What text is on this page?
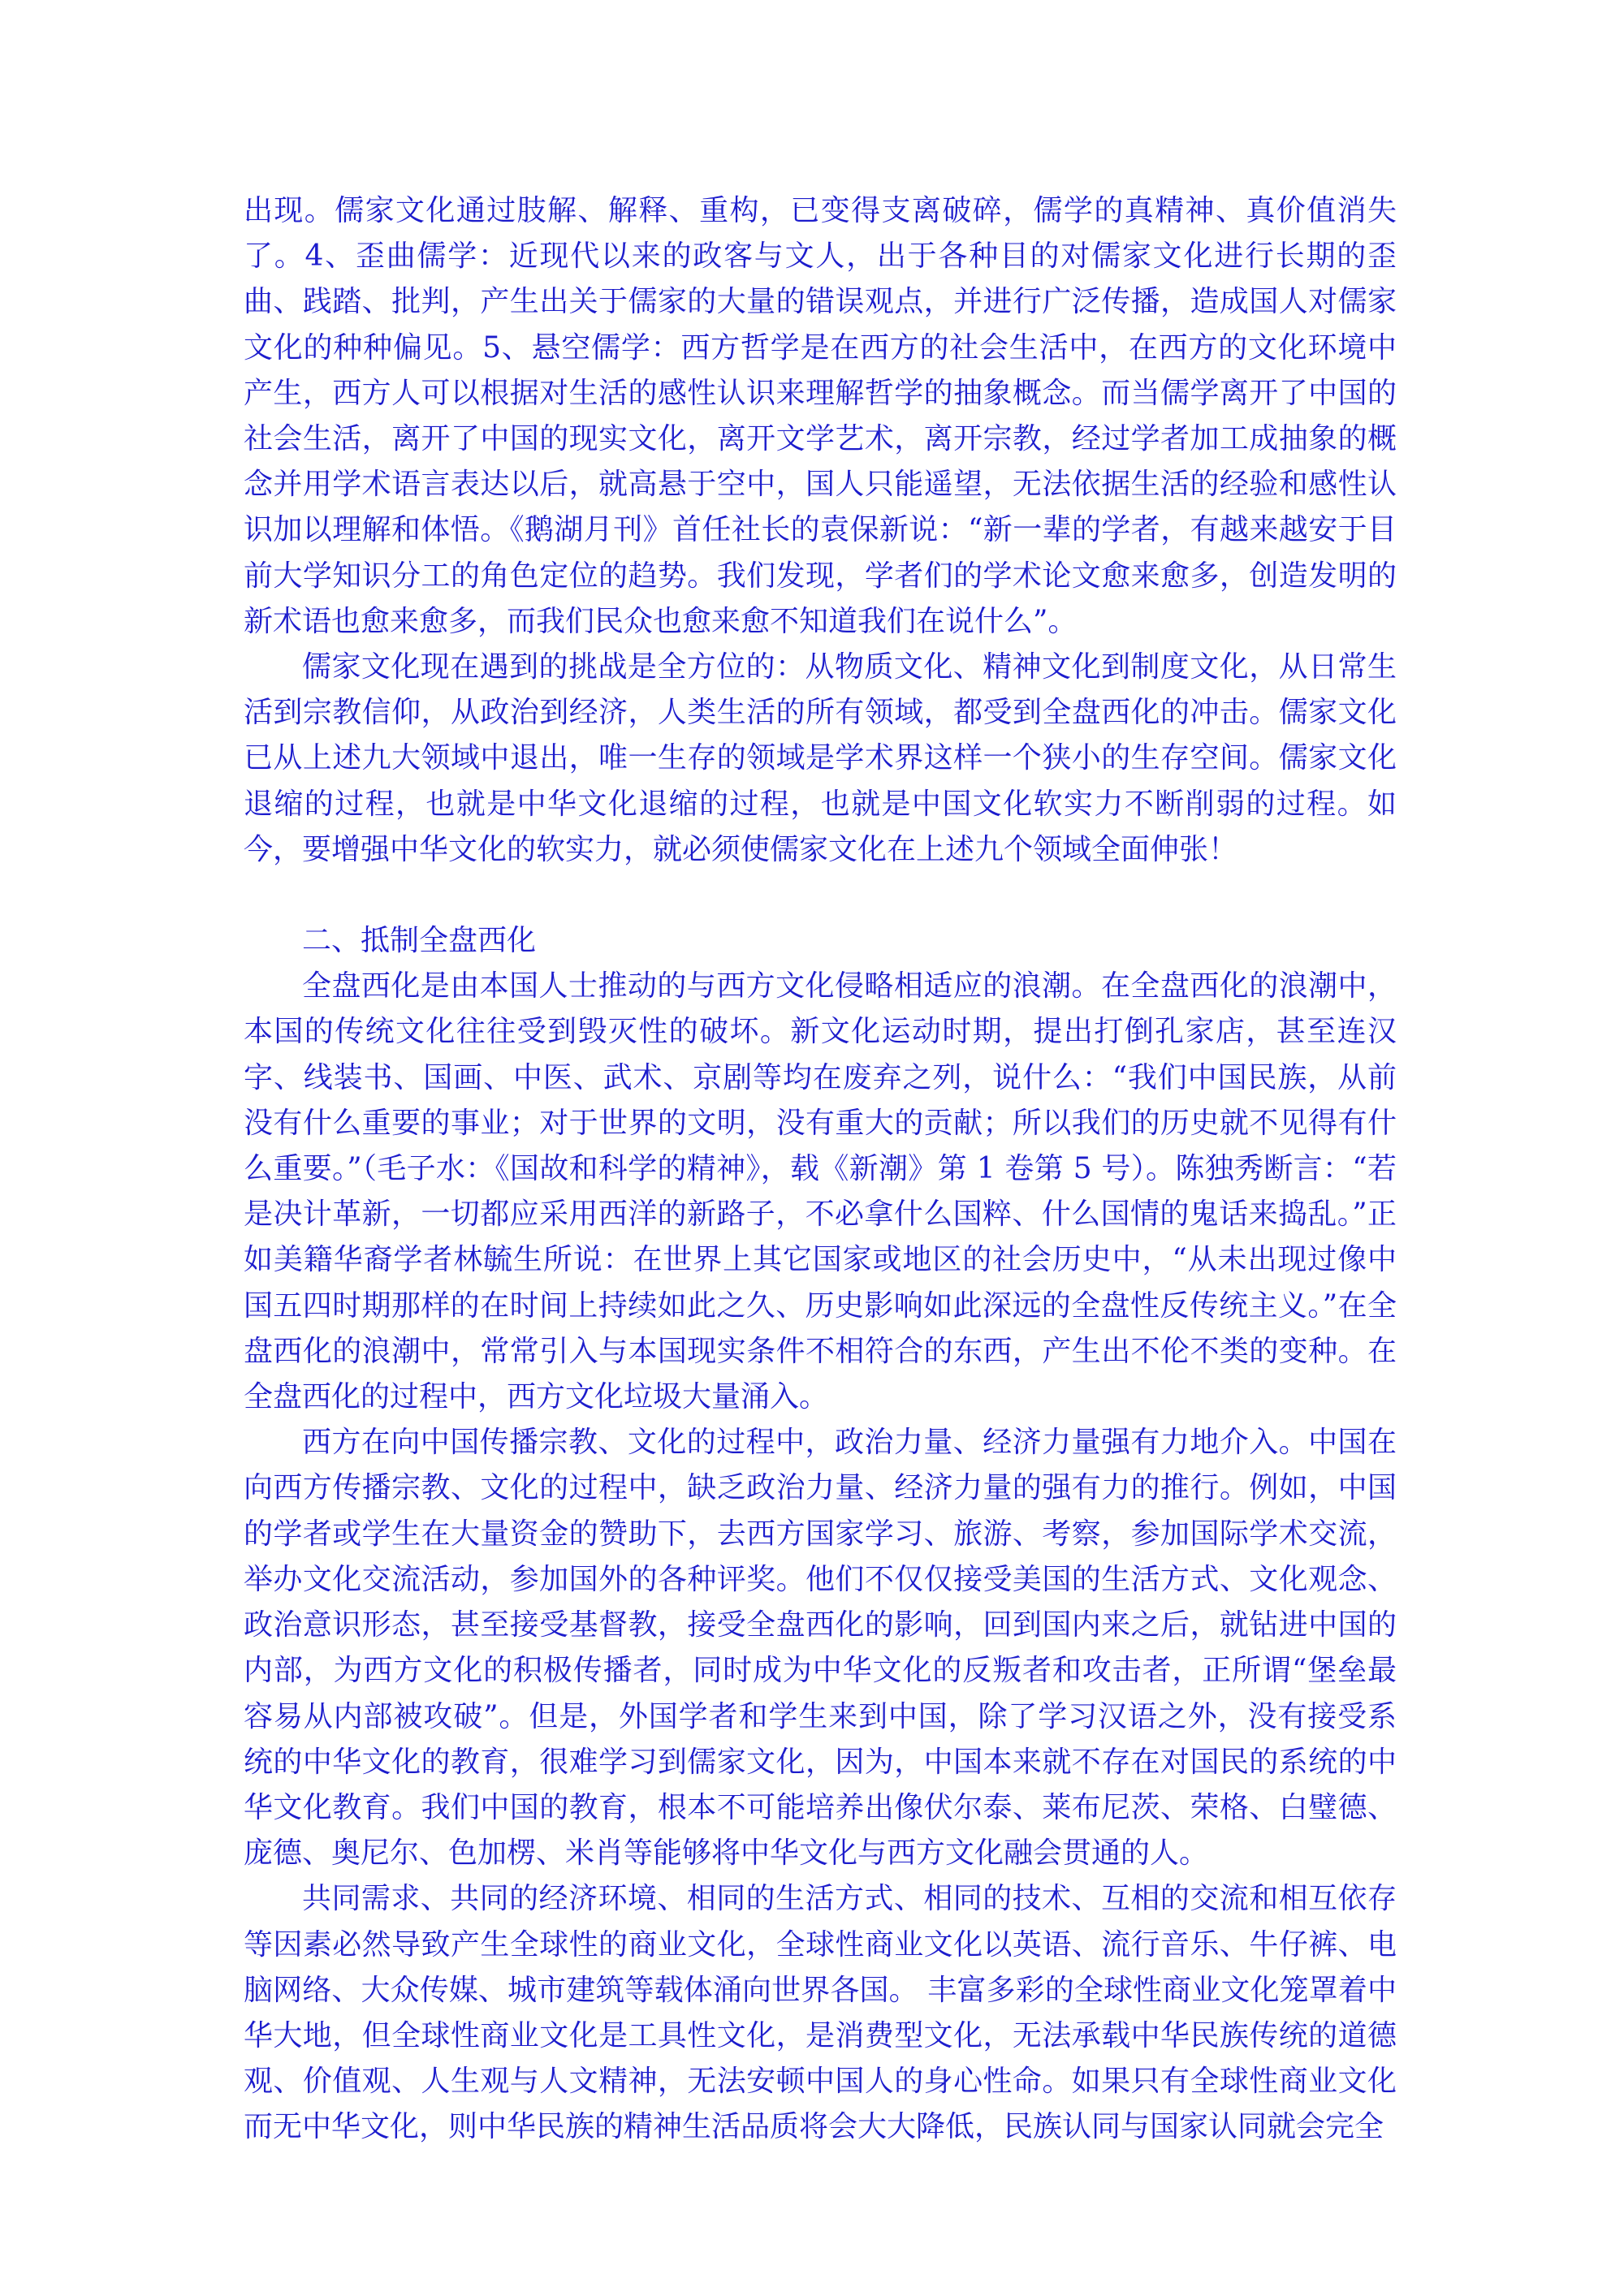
出现。儒家文化通过肢解、解释、重构，已变得支离破碎，儒学的真精神、真价值消失了。4、歪曲儒学：近现代以来的政客与文人，出于各种目的对儒家文化进行长期的歪曲、践踏、批判，产生出关于儒家的大量的错误观点，并进行广泛传播，造成国人对儒家文化的种种偏见。5、悬空儒学：西方哲学是在西方的社会生活中，在西方的文化环境中产生，西方人可以根据对生活的感性认识来理解哲学的抽象概念。而当儒学离开了中国的社会生活，离开了中国的现实文化，离开文学艺术，离开宗教，经过学者加工成抽象的概念并用学术语言表达以后，就高悬于空中，国人只能遥望，无法依据生活的经验和感性认识加以理解和体悟。《鹅湖月刊》首任社长的袁保新说：“新一辈的学者，有越来越安于目前大学知识分工的角色定位的趋势。我们发现，学者们的学术论文愈来愈多，创造发明的新术语也愈来愈多，而我们民众也愈来愈不知道我们在说什么”。

儒家文化现在遇到的挑战是全方位的：从物质文化、精神文化到制度文化，从日常生活到宗教信仰，从政治到经济，人类生活的所有领域，都受到全盘西化的冲击。儒家文化已从上述九大领域中退出，唯一生存的领域是学术界这样一个狭小的生存空间。儒家文化退缩的过程，也就是中华文化退缩的过程，也就是中国文化软实力不断削弱的过程。如今，要增强中华文化的软实力，就必须使儒家文化在上述九个领域全面伸张！

二、抵制全盘西化

全盘西化是由本国人士推动的与西方文化侵略相适应的浪潮。在全盘西化的浪潮中，本国的传统文化往往受到毁灭性的破坏。新文化运动时期，提出打倒孔家店，甚至连汉字、线装书、国画、中医、武术、京剧等均在废弃之列，说什么：“我们中国民族，从前没有什么重要的事业；对于世界的文明，没有重大的贡献；所以我们的历史就不见得有什么重要。”（毛子水：《国故和科学的精神》，载《新潮》第 1 卷第 5 号）。陈独秀断言：“若是决计革新，一切都应采用西洋的新路子，不必拿什么国粹、什么国情的鬼话来捣乱。”正如美籍华裔学者林毓生所说：在世界上其它国家或地区的社会历史中，“从未出现过像中国五四时期那样的在时间上持续如此之久、历史影响如此深远的全盘性反传统主义。”在全盘西化的浪潮中，常常引入与本国现实条件不相符合的东西，产生出不伦不类的变种。在全盘西化的过程中，西方文化垃圾大量涌入。

西方在向中国传播宗教、文化的过程中，政治力量、经济力量强有力地介入。中国在向西方传播宗教、文化的过程中，缺乏政治力量、经济力量的强有力的推行。例如，中国的学者或学生在大量资金的赞助下，去西方国家学习、旅游、考察，参加国际学术交流，举办文化交流活动，参加国外的各种评奖。他们不仅仅接受美国的生活方式、文化观念、政治意识形态，甚至接受基督教，接受全盘西化的影响，回到国内来之后，就钻进中国的内部，为西方文化的积极传播者，同时成为中华文化的反叛者和攻击者，正所谓“堡垒最容易从内部被攻破”。但是，外国学者和学生来到中国，除了学习汉语之外，没有接受系统的中华文化的教育，很难学习到儒家文化，因为，中国本来就不存在对国民的系统的中华文化教育。我们中国的教育，根本不可能培养出像伏尔泰、莱布尼茨、荣格、白璧德、庞德、奥尼尔、色加楞、米肖等能够将中华文化与西方文化融会贯通的人。

共同需求、共同的经济环境、相同的生活方式、相同的技术、互相的交流和相互依存等因素必然导致产生全球性的商业文化，全球性商业文化以英语、流行音乐、牛仔裤、电脑网络、大众传媒、城市建筑等载体涌向世界各国。 丰富多彩的全球性商业文化笼罩着中华大地，但全球性商业文化是工具性文化，是消费型文化，无法承载中华民族传统的道德观、价值观、人生观与人文精神，无法安顿中国人的身心性命。如果只有全球性商业文化而无中华文化，则中华民族的精神生活品质将会大大降低，民族认同与国家认同就会完全
